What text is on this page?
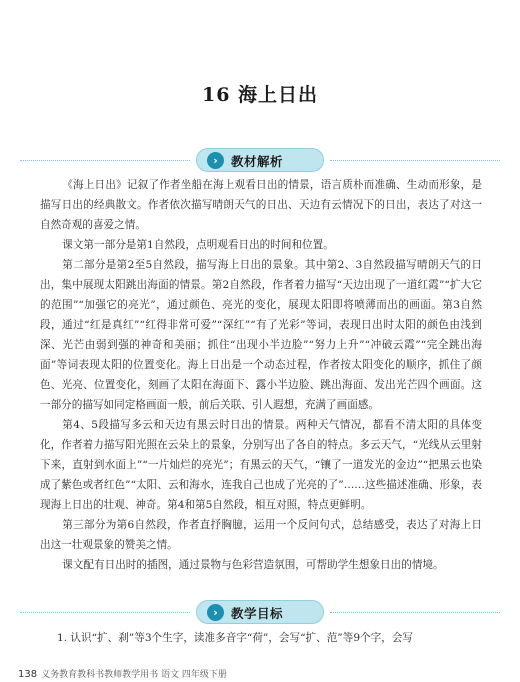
16 海上日出
›	教材解析

《海上日出》记叙了作者坐船在海上观看日出的情景，语言质朴而准确、生动而形象，是描写日出的经典散文。作者依次描写晴朗天气的日出、天边有云情况下的日出，表达了对这一自然奇观的喜爱之情。

课文第一部分是第1自然段，点明观看日出的时间和位置。

第二部分是第2至5自然段，描写海上日出的景象。其中第2、3自然段描写晴朗天气的日出，集中展现太阳跳出海面的情景。第2自然段，作者着力描写“天边出现了一道红霞”“扩大它的范围”“加强它的亮光”，通过颜色、亮光的变化，展现太阳即将喷薄而出的画面。第3自然段，通过“红是真红”“红得非常可爱”“深红”“有了光彩”等词，表现日出时太阳的颜色由浅到深、光芒由弱到强的神奇和美丽；抓住“出现小半边脸”“努力上升”“冲破云霞”“完全跳出海面”等词表现太阳的位置变化。海上日出是一个动态过程，作者按太阳变化的顺序，抓住了颜色、光亮、位置变化，刻画了太阳在海面下、露小半边脸、跳出海面、发出光芒四个画面。这一部分的描写如同定格画面一般，前后关联、引人遐想，充满了画面感。

第4、5段描写多云和天边有黑云时日出的情景。两种天气情况，都看不清太阳的具体变化，作者着力描写阳光照在云朵上的景象，分别写出了各自的特点。多云天气，“光线从云里射下来，直射到水面上”“一片灿烂的亮光”；有黑云的天气，“镶了一道发光的金边”“把黑云也染成了紫色或者红色”“太阳、云和海水，连我自己也成了光亮的了”……这些描述准确、形象，表现海上日出的壮观、神奇。第4和第5自然段，相互对照，特点更鲜明。

第三部分为第6自然段，作者直抒胸臆，运用一个反问句式，总结感受，表达了对海上日出这一壮观景象的赞美之情。

课文配有日出时的插图，通过景物与色彩营造氛围，可帮助学生想象日出的情境。

›	教学目标

1. 认识“扩、刹”等3个生字，读准多音字“荷”，会写“扩、范”等9个字，会写

138 义务教育教科书教师教学用书 语文 四年级下册
